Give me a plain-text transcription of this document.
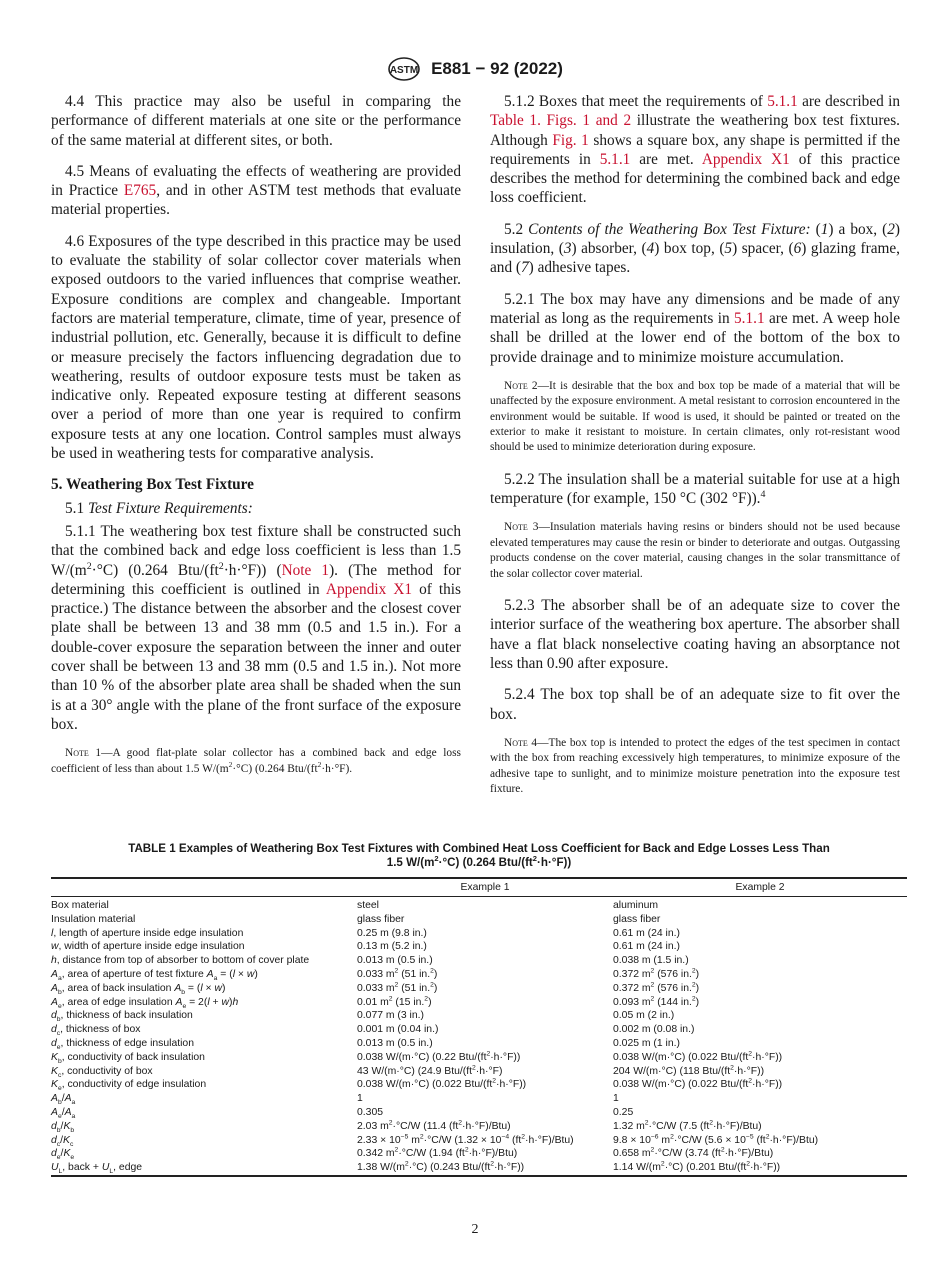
ASTM E881 − 92 (2022)
4.4 This practice may also be useful in comparing the performance of different materials at one site or the performance of the same material at different sites, or both.
4.5 Means of evaluating the effects of weathering are provided in Practice E765, and in other ASTM test methods that evaluate material properties.
4.6 Exposures of the type described in this practice may be used to evaluate the stability of solar collector cover materials when exposed outdoors to the varied influences that comprise weather. Exposure conditions are complex and changeable. Important factors are material temperature, climate, time of year, presence of industrial pollution, etc. Generally, because it is difficult to define or measure precisely the factors influencing degradation due to weathering, results of outdoor exposure tests must be taken as indicative only. Repeated exposure testing at different seasons over a period of more than one year is required to confirm exposure tests at any one location. Control samples must always be used in weathering tests for comparative analysis.
5. Weathering Box Test Fixture
5.1 Test Fixture Requirements:
5.1.1 The weathering box test fixture shall be constructed such that the combined back and edge loss coefficient is less than 1.5 $W/(m^2\cdot^\circ C)$ (0.264 Btu/$(ft^2\cdot h\cdot^\circ F)$) (Note 1). (The method for determining this coefficient is outlined in Appendix X1 of this practice.) The distance between the absorber and the closest cover plate shall be between 13 and 38 mm (0.5 and 1.5 in.). For a double-cover exposure the separation between the inner and outer cover shall be between 13 and 38 mm (0.5 and 1.5 in.). Not more than 10 % of the absorber plate area shall be shaded when the sun is at a 30° angle with the plane of the front surface of the exposure box.
Note 1—A good flat-plate solar collector has a combined back and edge loss coefficient of less than about 1.5 $W/(m^2\cdot^\circ C)$ (0.264 Btu/$(ft^2\cdot h\cdot^\circ F)$.
5.1.2 Boxes that meet the requirements of 5.1.1 are described in Table 1. Figs. 1 and 2 illustrate the weathering box test fixtures. Although Fig. 1 shows a square box, any shape is permitted if the requirements in 5.1.1 are met. Appendix X1 of this practice describes the method for determining the combined back and edge loss coefficient.
5.2 Contents of the Weathering Box Test Fixture: (1) a box, (2) insulation, (3) absorber, (4) box top, (5) spacer, (6) glazing frame, and (7) adhesive tapes.
5.2.1 The box may have any dimensions and be made of any material as long as the requirements in 5.1.1 are met. A weep hole shall be drilled at the lower end of the bottom of the box to provide drainage and to minimize moisture accumulation.
Note 2—It is desirable that the box and box top be made of a material that will be unaffected by the exposure environment. A metal resistant to corrosion encountered in the environment would be suitable. If wood is used, it should be painted or treated on the exterior to make it resistant to moisture. In certain climates, only rot-resistant wood should be used to minimize deterioration during exposure.
5.2.2 The insulation shall be a material suitable for use at a high temperature (for example, 150 °C (302 °F)).$^4$
Note 3—Insulation materials having resins or binders should not be used because elevated temperatures may cause the resin or binder to deteriorate and outgas. Outgassing products condense on the cover material, causing changes in the solar transmittance of the solar collector cover material.
5.2.3 The absorber shall be of an adequate size to cover the interior surface of the weathering box aperture. The absorber shall have a flat black nonselective coating having an absorptance not less than 0.90 after exposure.
5.2.4 The box top shall be of an adequate size to fit over the box.
Note 4—The box top is intended to protect the edges of the test specimen in contact with the box from reaching excessively high temperatures, to minimize exposure of the adhesive tape to sunlight, and to minimize moisture penetration into the exposure test fixture.
TABLE 1 Examples of Weathering Box Test Fixtures with Combined Heat Loss Coefficient for Back and Edge Losses Less Than
1.5 $W/(m^2\cdot^\circ C)$ (0.264 Btu/$(ft^2\cdot h\cdot^\circ F)$)
	Example 1	Example 2
Box material	steel	aluminum
Insulation material	glass fiber	glass fiber
l, length of aperture inside edge insulation	0.25 m (9.8 in.)	0.61 m (24 in.)
w, width of aperture inside edge insulation	0.13 m (5.2 in.)	0.61 m (24 in.)
h, distance from top of absorber to bottom of cover plate	0.013 m (0.5 in.)	0.038 m (1.5 in.)
$A_a$, area of aperture of test fixture $A_a = (l \times w)$	0.033 $m^2$ (51 in.$^2$)	0.372 $m^2$ (576 in.$^2$)
$A_b$, area of back insulation $A_b = (l \times w)$	0.033 $m^2$ (51 in.$^2$)	0.372 $m^2$ (576 in.$^2$)
$A_e$, area of edge insulation $A_e = 2(l + w)h$	0.01 $m^2$ (15 in.$^2$)	0.093 $m^2$ (144 in.$^2$)
$d_b$, thickness of back insulation	0.077 m (3 in.)	0.05 m (2 in.)
$d_c$, thickness of box	0.001 m (0.04 in.)	0.002 m (0.08 in.)
$d_e$, thickness of edge insulation	0.013 m (0.5 in.)	0.025 m (1 in.)
$K_b$, conductivity of back insulation	0.038 W/(m·°C) (0.22 Btu/$(ft^2\cdot h\cdot^\circ F)$)	0.038 W/(m·°C) (0.022 Btu/$(ft^2\cdot h\cdot^\circ F)$)
$K_c$, conductivity of box	43 W/(m·°C) (24.9 Btu/$(ft^2\cdot h\cdot^\circ F)$	204 W/(m·°C) (118 Btu/$(ft^2\cdot h\cdot^\circ F)$)
$K_e$, conductivity of edge insulation	0.038 W/(m·°C) (0.022 Btu/$(ft^2\cdot h\cdot^\circ F)$)	0.038 W/(m·°C) (0.022 Btu/$(ft^2\cdot h\cdot^\circ F)$)
$A_b/A_a$	1	1
$A_e/A_a$	0.305	0.25
$d_b/K_b$	2.03 $m^2\cdot^\circ C/W$ (11.4 $(ft^2\cdot h\cdot^\circ F)/Btu$)	1.32 $m^2\cdot^\circ C/W$ (7.5 $(ft^2\cdot h\cdot^\circ F)/Btu$)
$d_c/K_c$	$2.33 \times 10^{-5}$ $m^2\cdot^\circ C/W$ ($1.32 \times 10^{-4}$ $(ft^2\cdot h\cdot^\circ F)/Btu$)	$9.8 \times 10^{-6}$ $m^2\cdot^\circ C/W$ ($5.6 \times 10^{-5}$ $(ft^2\cdot h\cdot^\circ F)/Btu$)
$d_e/K_e$	0.342 $m^2\cdot^\circ C/W$ (1.94 $(ft^2\cdot h\cdot^\circ F)/Btu$)	0.658 $m^2\cdot^\circ C/W$ (3.74 $(ft^2\cdot h\cdot^\circ F)/Btu$)
$U_L$, back + $U_L$, edge	1.38 $W/(m^2\cdot^\circ C)$ (0.243 Btu/$(ft^2\cdot h\cdot^\circ F)$)	1.14 $W/(m^2\cdot^\circ C)$ (0.201 Btu/$(ft^2\cdot h\cdot^\circ F)$)
2
